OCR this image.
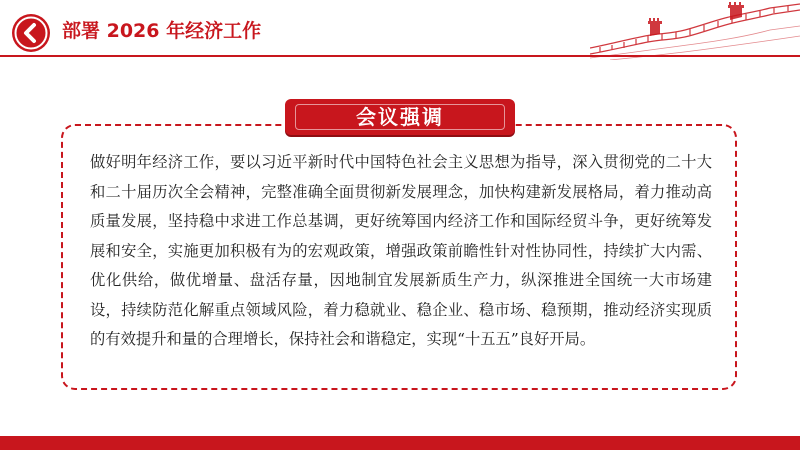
部署 2026 年经济工作
会议强调
做好明年经济工作，要以习近平新时代中国特色社会主义思想为指导，深入贯彻党的二十大和二十届历次全会精神，完整准确全面贯彻新发展理念，加快构建新发展格局，着力推动高质量发展，坚持稳中求进工作总基调，更好统筹国内经济工作和国际经贸斗争，更好统筹发展和安全，实施更加积极有为的宏观政策，增强政策前瞻性针对性协同性，持续扩大内需、优化供给，做优增量、盘活存量，因地制宜发展新质生产力，纵深推进全国统一大市场建设，持续防范化解重点领域风险，着力稳就业、稳企业、稳市场、稳预期，推动经济实现质的有效提升和量的合理增长，保持社会和谐稳定，实现“十五五”良好开局。
